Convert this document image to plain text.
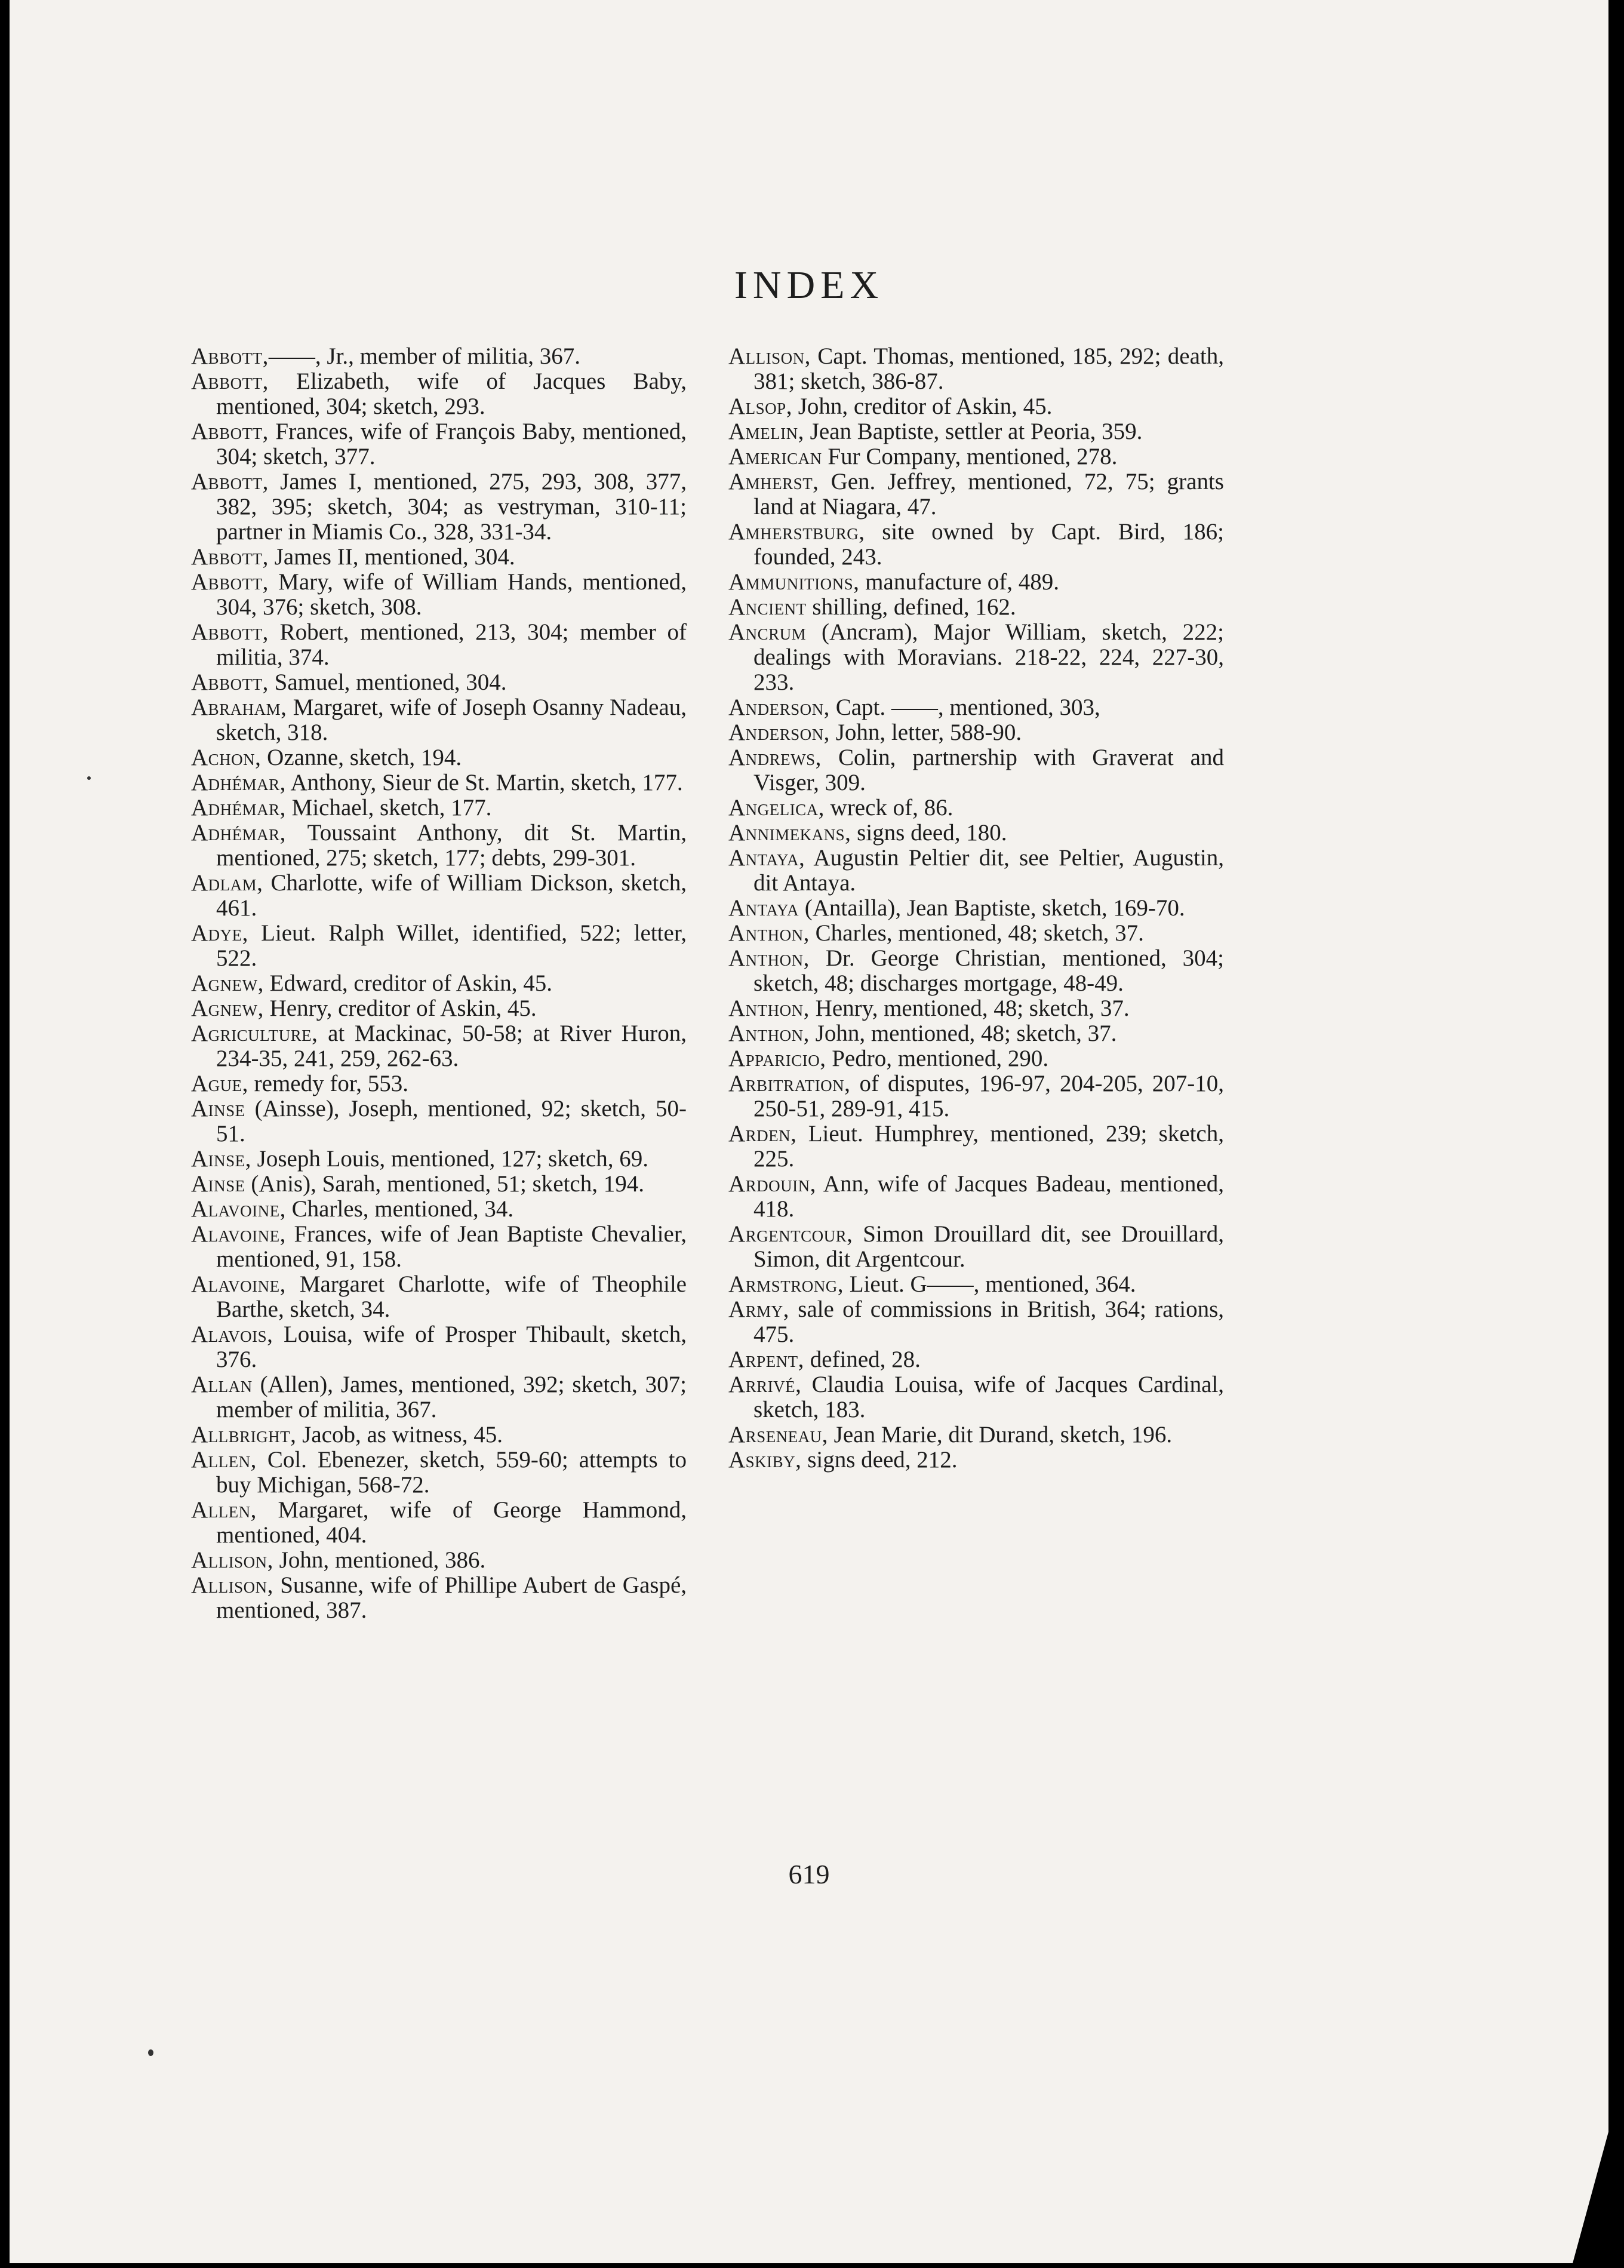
INDEX
Abbott,——, Jr., member of militia, 367.
Abbott, Elizabeth, wife of Jacques Baby, mentioned, 304; sketch, 293.
Abbott, Frances, wife of François Baby, mentioned, 304; sketch, 377.
Abbott, James I, mentioned, 275, 293, 308, 377, 382, 395; sketch, 304; as vestryman, 310-11; partner in Miamis Co., 328, 331-34.
Abbott, James II, mentioned, 304.
Abbott, Mary, wife of William Hands, mentioned, 304, 376; sketch, 308.
Abbott, Robert, mentioned, 213, 304; member of militia, 374.
Abbott, Samuel, mentioned, 304.
Abraham, Margaret, wife of Joseph Osanny Nadeau, sketch, 318.
Achon, Ozanne, sketch, 194.
Adhémar, Anthony, Sieur de St. Martin, sketch, 177.
Adhémar, Michael, sketch, 177.
Adhémar, Toussaint Anthony, dit St. Martin, mentioned, 275; sketch, 177; debts, 299-301.
Adlam, Charlotte, wife of William Dickson, sketch, 461.
Adye, Lieut. Ralph Willet, identified, 522; letter, 522.
Agnew, Edward, creditor of Askin, 45.
Agnew, Henry, creditor of Askin, 45.
Agriculture, at Mackinac, 50-58; at River Huron, 234-35, 241, 259, 262-63.
Ague, remedy for, 553.
Ainse (Ainsse), Joseph, mentioned, 92; sketch, 50-51.
Ainse, Joseph Louis, mentioned, 127; sketch, 69.
Ainse (Anis), Sarah, mentioned, 51; sketch, 194.
Alavoine, Charles, mentioned, 34.
Alavoine, Frances, wife of Jean Baptiste Chevalier, mentioned, 91, 158.
Alavoine, Margaret Charlotte, wife of Theophile Barthe, sketch, 34.
Alavois, Louisa, wife of Prosper Thibault, sketch, 376.
Allan (Allen), James, mentioned, 392; sketch, 307; member of militia, 367.
Allbright, Jacob, as witness, 45.
Allen, Col. Ebenezer, sketch, 559-60; attempts to buy Michigan, 568-72.
Allen, Margaret, wife of George Hammond, mentioned, 404.
Allison, John, mentioned, 386.
Allison, Susanne, wife of Phillipe Aubert de Gaspé, mentioned, 387.
Allison, Capt. Thomas, mentioned, 185, 292; death, 381; sketch, 386-87.
Alsop, John, creditor of Askin, 45.
Amelin, Jean Baptiste, settler at Peoria, 359.
American Fur Company, mentioned, 278.
Amherst, Gen. Jeffrey, mentioned, 72, 75; grants land at Niagara, 47.
Amherstburg, site owned by Capt. Bird, 186; founded, 243.
Ammunitions, manufacture of, 489.
Ancient shilling, defined, 162.
Ancrum (Ancram), Major William, sketch, 222; dealings with Moravians. 218-22, 224, 227-30, 233.
Anderson, Capt. ——, mentioned, 303,
Anderson, John, letter, 588-90.
Andrews, Colin, partnership with Graverat and Visger, 309.
Angelica, wreck of, 86.
Annimekans, signs deed, 180.
Antaya, Augustin Peltier dit, see Peltier, Augustin, dit Antaya.
Antaya (Antailla), Jean Baptiste, sketch, 169-70.
Anthon, Charles, mentioned, 48; sketch, 37.
Anthon, Dr. George Christian, mentioned, 304; sketch, 48; discharges mortgage, 48-49.
Anthon, Henry, mentioned, 48; sketch, 37.
Anthon, John, mentioned, 48; sketch, 37.
Apparicio, Pedro, mentioned, 290.
Arbitration, of disputes, 196-97, 204-205, 207-10, 250-51, 289-91, 415.
Arden, Lieut. Humphrey, mentioned, 239; sketch, 225.
Ardouin, Ann, wife of Jacques Badeau, mentioned, 418.
Argentcour, Simon Drouillard dit, see Drouillard, Simon, dit Argentcour.
Armstrong, Lieut. G——, mentioned, 364.
Army, sale of commissions in British, 364; rations, 475.
Arpent, defined, 28.
Arrivé, Claudia Louisa, wife of Jacques Cardinal, sketch, 183.
Arseneau, Jean Marie, dit Durand, sketch, 196.
Askiby, signs deed, 212.
619
